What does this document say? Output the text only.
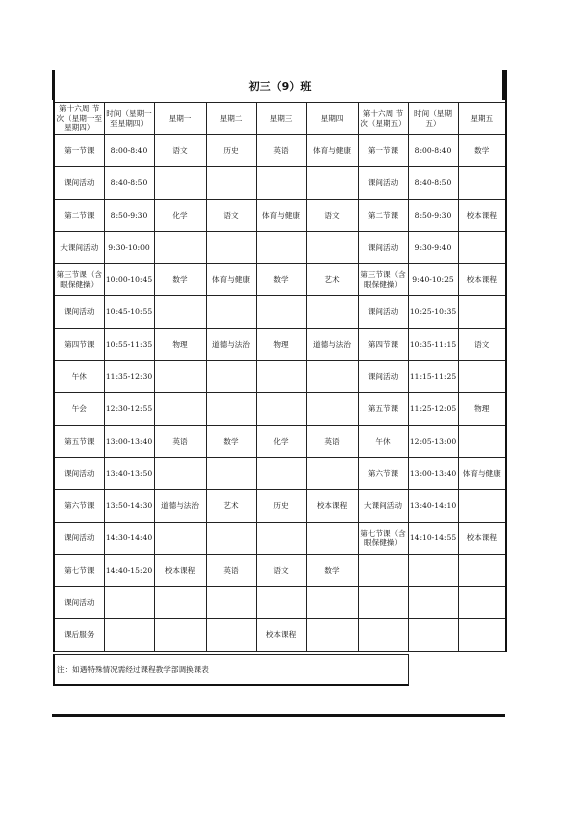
初三（9）班
第十六周 节次（星期一至星期四）	时间（星期一至星期四）	星期一	星期二	星期三	星期四	第十六周 节次（星期五）	时间（星期五）	星期五
第一节课	8:00-8:40	语文	历史	英语	体育与健康	第一节课	8:00-8:40	数学
课间活动	8:40-8:50					课间活动	8:40-8:50	
第二节课	8:50-9:30	化学	语文	体育与健康	语文	第二节课	8:50-9:30	校本课程
大课间活动	9:30-10:00					课间活动	9:30-9:40	
第三节课（含眼保健操）	10:00-10:45	数学	体育与健康	数学	艺术	第三节课（含眼保健操）	9:40-10:25	校本课程
课间活动	10:45-10:55					课间活动	10:25-10:35	
第四节课	10:55-11:35	物理	道德与法治	物理	道德与法治	第四节课	10:35-11:15	语文
午休	11:35-12:30					课间活动	11:15-11:25	
午会	12:30-12:55					第五节课	11:25-12:05	物理
第五节课	13:00-13:40	英语	数学	化学	英语	午休	12:05-13:00	
课间活动	13:40-13:50					第六节课	13:00-13:40	体育与健康
第六节课	13:50-14:30	道德与法治	艺术	历史	校本课程	大课间活动	13:40-14:10	
课间活动	14:30-14:40					第七节课（含眼保健操）	14:10-14:55	校本课程
第七节课	14:40-15:20	校本课程	英语	语文	数学			
课间活动								
课后服务				校本课程				
注：如遇特殊情况需经过课程教学部调换课表
